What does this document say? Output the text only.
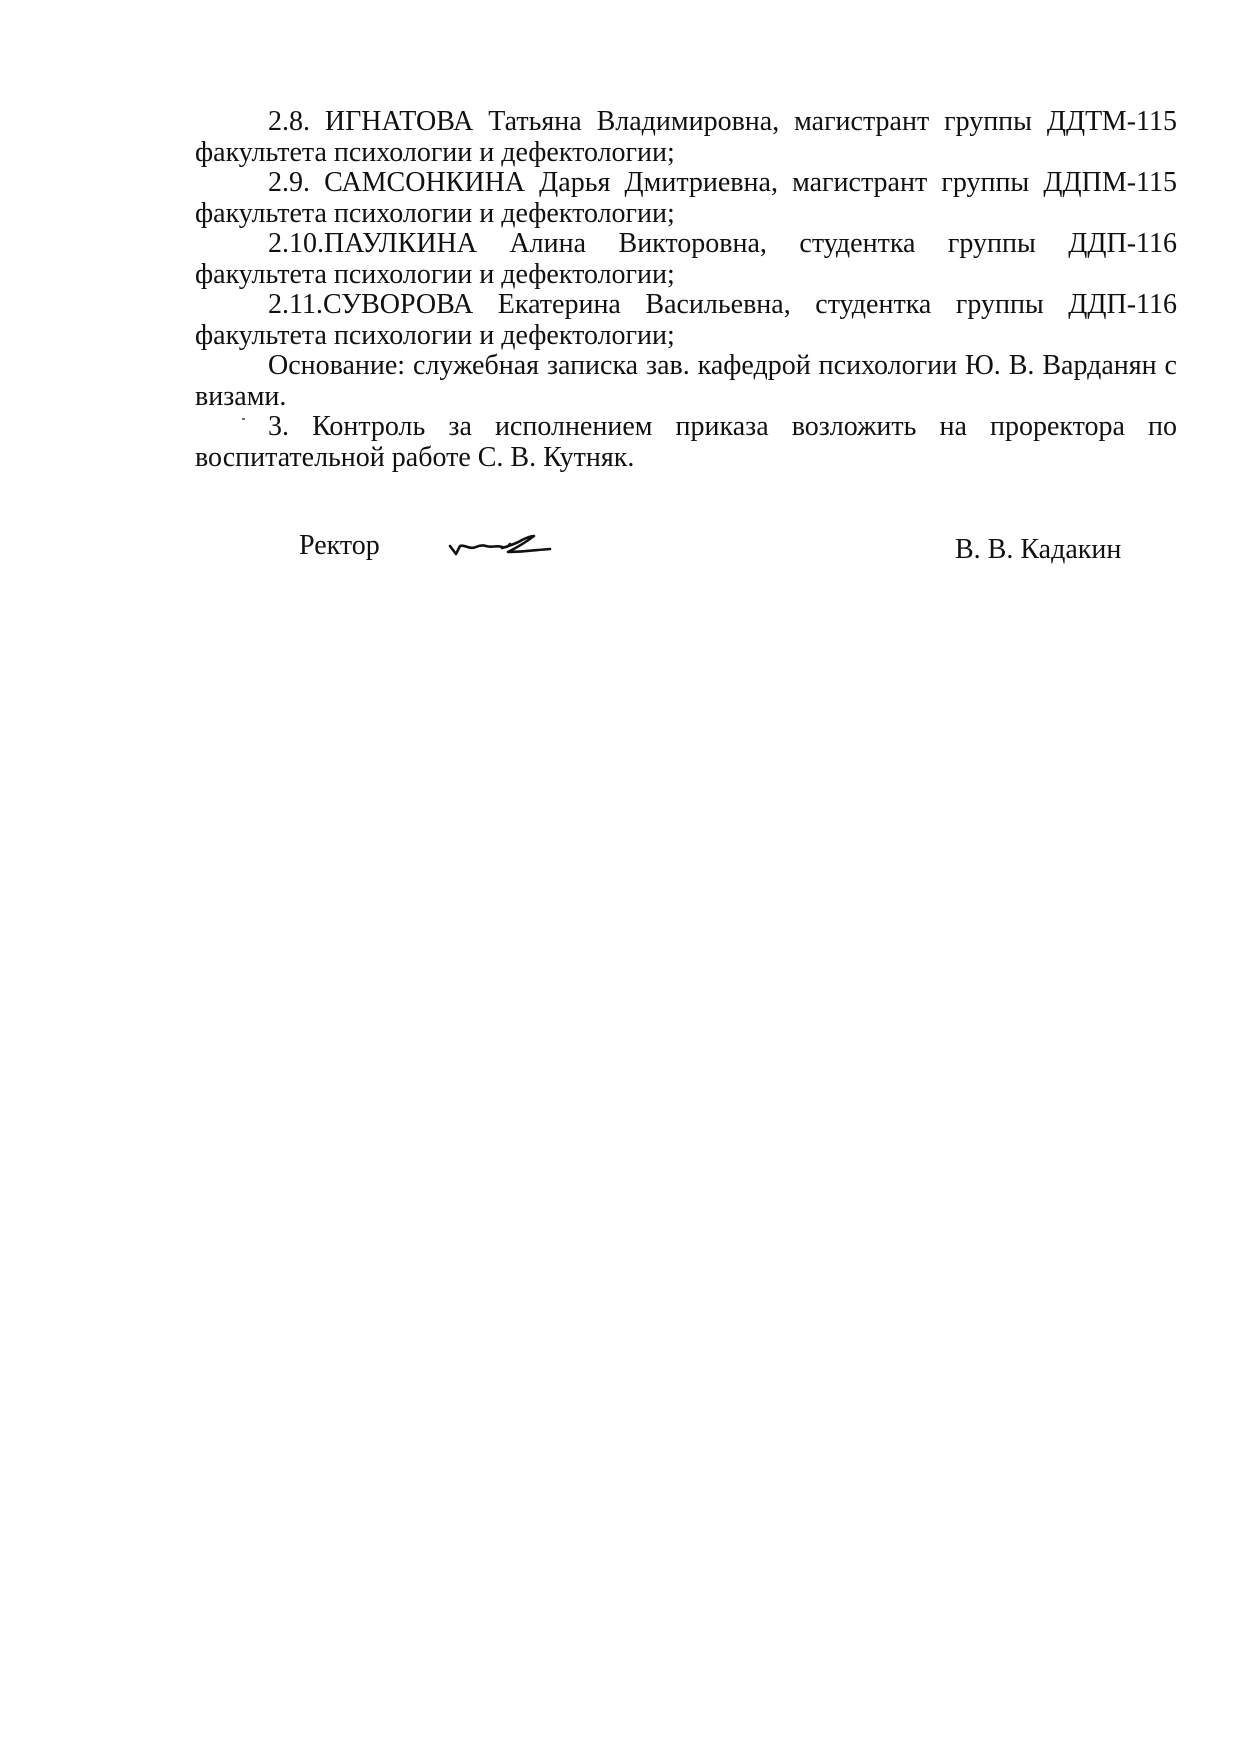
2.8. ИГНАТОВА Татьяна Владимировна, магистрант группы ДДТМ-115 факультета психологии и дефектологии;

2.9. САМСОНКИНА Дарья Дмитриевна, магистрант группы ДДПМ-115 факультета психологии и дефектологии;

2.10.ПАУЛКИНА Алина Викторовна, студентка группы ДДП-116 факультета психологии и дефектологии;

2.11.СУВОРОВА Екатерина Васильевна, студентка группы ДДП-116 факультета психологии и дефектологии;

Основание: служебная записка зав. кафедрой психологии Ю. В. Варданян с визами.

3. Контроль за исполнением приказа возложить на проректора по воспитательной работе С. В. Кутняк.

Ректор	В. В. Кадакин
